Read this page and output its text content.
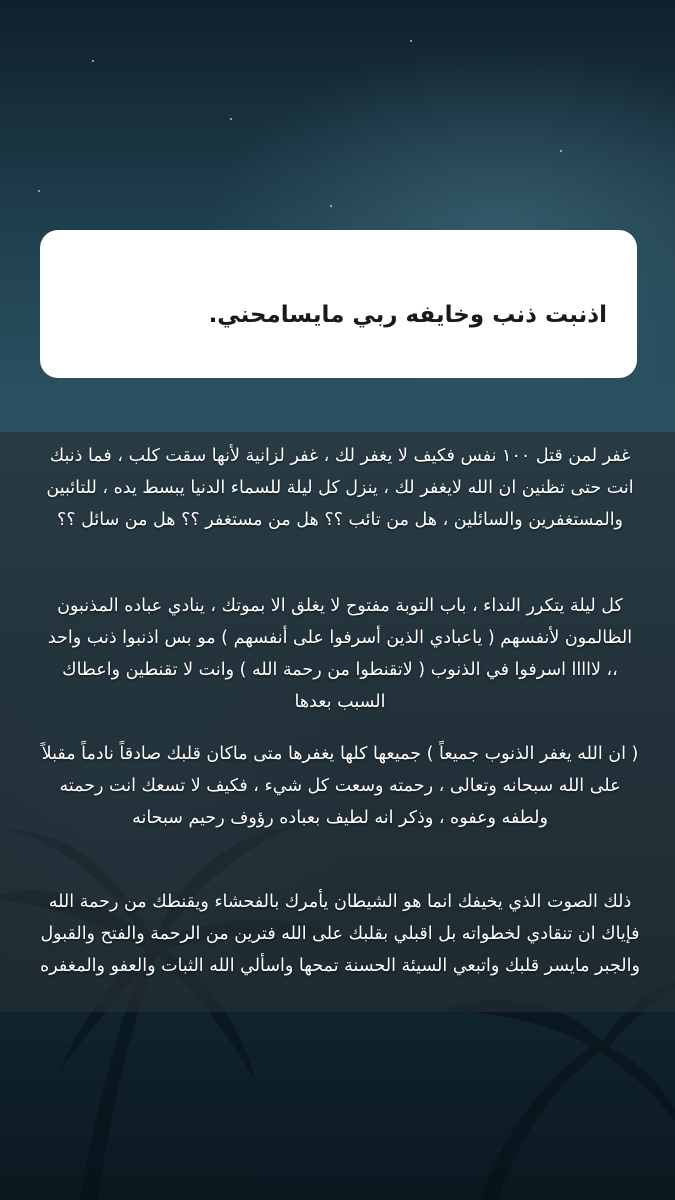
اذنبت ذنب وخايفه ربي مايسامحني.
غفر لمن قتل ١٠٠ نفس فكيف لا يغفر لك ، غفر لزانية لأنها سقت كلب ، فما ذنبك انت حتى تظنين ان الله لايغفر لك ، ينزل كل ليلة للسماء الدنيا يبسط يده ، للتائبين والمستغفرين والسائلين ، هل من تائب ؟؟ هل من مستغفر ؟؟ هل من سائل ؟؟
كل ليلة يتكرر النداء ، باب التوبة مفتوح لا يغلق الا بموتك ، ينادي عباده المذنبون الظالمون لأنفسهم ( ياعبادي الذين أسرفوا على أنفسهم ) مو بس اذنبوا ذنب واحد ،، لااااا اسرفوا في الذنوب ( لاتقنطوا من رحمة الله ) وانت لا تقنطين واعطاك السبب بعدها
( ان الله يغفر الذنوب جميعاً ) جميعها كلها يغفرها متى ماكان قلبك صادقاً نادماً مقبلاً على الله سبحانه وتعالى ، رحمته وسعت كل شيء ، فكيف لا تسعك انت رحمته ولطفه وعفوه ، وذكر انه لطيف بعباده رؤوف رحيم سبحانه
ذلك الصوت الذي يخيفك انما هو الشيطان يأمرك بالفحشاء ويقنطك من رحمة الله فإياك ان تنقادي لخطواته بل اقبلي بقلبك على الله فترين من الرحمة والفتح والقبول والجبر مايسر قلبك واتبعي السيئة الحسنة تمحها واسألي الله الثبات والعفو والمغفره
